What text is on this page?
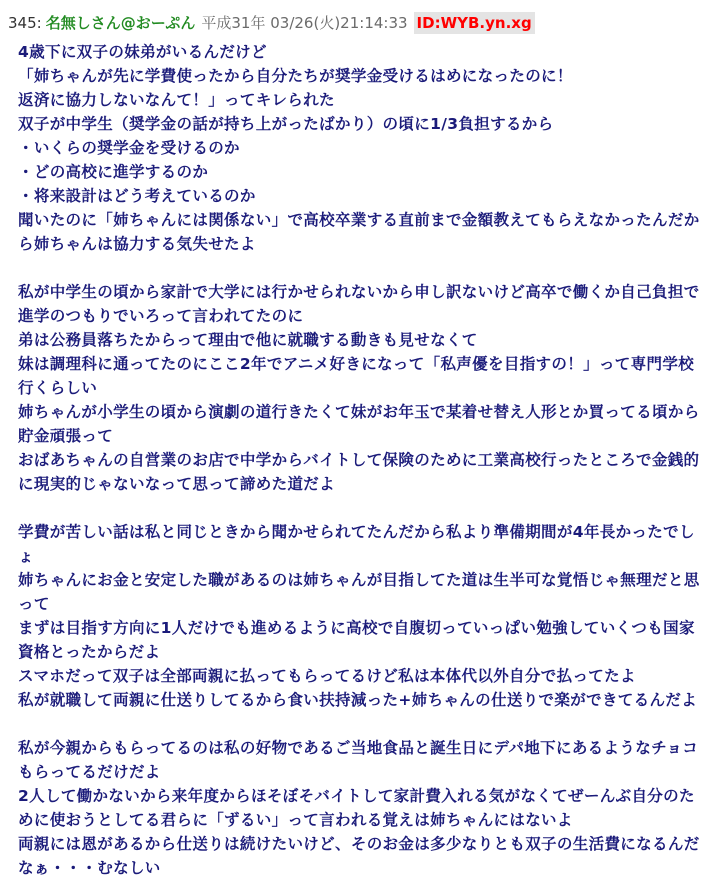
345: 名無しさん@おーぷん 平成31年 03/26(火)21:14:33 ID:WYB.yn.xg
4歳下に双子の妹弟がいるんだけど
「姉ちゃんが先に学費使ったから自分たちが奨学金受けるはめになったのに！
返済に協力しないなんて！」ってキレられた
双子が中学生（奨学金の話が持ち上がったばかり）の頃に1/3負担するから
・いくらの奨学金を受けるのか
・どの高校に進学するのか
・将来設計はどう考えているのか
聞いたのに「姉ちゃんには関係ない」で高校卒業する直前まで金額教えてもらえなかったんだか
ら姉ちゃんは協力する気失せたよ
私が中学生の頃から家計で大学には行かせられないから申し訳ないけど高卒で働くか自己負担で
進学のつもりでいろって言われてたのに
弟は公務員落ちたからって理由で他に就職する動きも見せなくて
妹は調理科に通ってたのにここ2年でアニメ好きになって「私声優を目指すの！」って専門学校
行くらしい
姉ちゃんが小学生の頃から演劇の道行きたくて妹がお年玉で某着せ替え人形とか買ってる頃から
貯金頑張って
おばあちゃんの自営業のお店で中学からバイトして保険のために工業高校行ったところで金銭的
に現実的じゃないなって思って諦めた道だよ
学費が苦しい話は私と同じときから聞かせられてたんだから私より準備期間が4年長かったでし
ょ
姉ちゃんにお金と安定した職があるのは姉ちゃんが目指してた道は生半可な覚悟じゃ無理だと思
って
まずは目指す方向に1人だけでも進めるように高校で自腹切っていっぱい勉強していくつも国家
資格とったからだよ
スマホだって双子は全部両親に払ってもらってるけど私は本体代以外自分で払ってたよ
私が就職して両親に仕送りしてるから食い扶持減った+姉ちゃんの仕送りで楽ができてるんだよ
私が今親からもらってるのは私の好物であるご当地食品と誕生日にデパ地下にあるようなチョコ
もらってるだけだよ
2人して働かないから来年度からほそぼそバイトして家計費入れる気がなくてぜーんぶ自分のた
めに使おうとしてる君らに「ずるい」って言われる覚えは姉ちゃんにはないよ
両親には恩があるから仕送りは続けたいけど、そのお金は多少なりとも双子の生活費になるんだ
なぁ・・・むなしい
